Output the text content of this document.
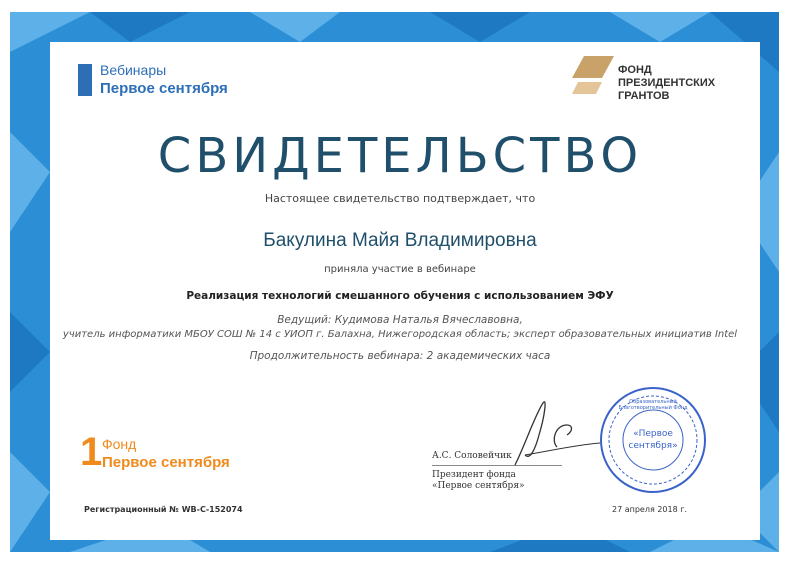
Вебинары
Первое сентября
ФОНД
ПРЕЗИДЕНТСКИХ
ГРАНТОВ
СВИДЕТЕЛЬСТВО
Настоящее свидетельство подтверждает, что
Бакулина Майя Владимировна
приняла участие в вебинаре
Реализация технологий смешанного обучения с использованием ЭФУ
Ведущий: Кудимова Наталья Вячеславовна,
учитель информатики МБОУ СОШ № 14 с УИОП г. Балахна, Нижегородская область; эксперт образовательных инициатив Intel
Продолжительность вебинара: 2 академических часа
1 Фонд
Первое сентября	А.С. Соловейчик
Президент фонда
«Первое сентября»
«Первое
сентября»
Образовательный Благотворительный Фонд
Регистрационный № WB-С-152074	27 апреля 2018 г.
г. Москва
